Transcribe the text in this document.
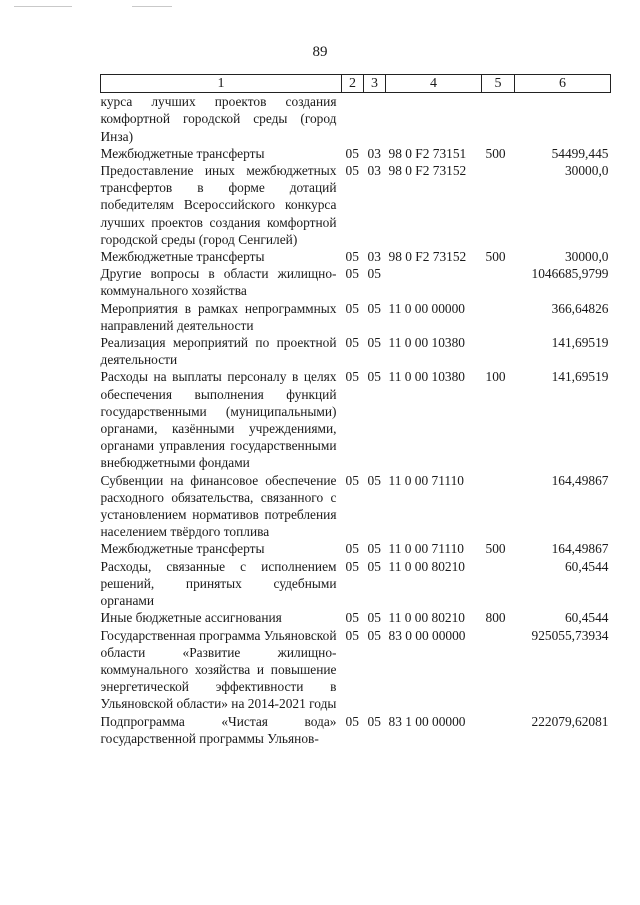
89
1	2	3	4	5	6
курса лучших проектов создания комфортной городской среды (город Инза)					
Межбюджетные трансферты	05	03	98 0 F2 73151	500	54499,445
Предоставление иных межбюджетных трансфертов в форме дотаций победителям Всероссийского конкурса лучших проектов создания комфортной городской среды (город Сенгилей)	05	03	98 0 F2 73152		30000,0
Межбюджетные трансферты	05	03	98 0 F2 73152	500	30000,0
Другие вопросы в области жилищно-коммунального хозяйства	05	05			1046685,9799
Мероприятия в рамках непрограммных направлений деятельности	05	05	11 0 00 00000		366,64826
Реализация мероприятий по проектной деятельности	05	05	11 0 00 10380		141,69519
Расходы на выплаты персоналу в целях обеспечения выполнения функций государственными (муниципальными) органами, казёнными учреждениями, органами управления государственными внебюджетными фондами	05	05	11 0 00 10380	100	141,69519
Субвенции на финансовое обеспечение расходного обязательства, связанного с установлением нормативов потребления населением твёрдого топлива	05	05	11 0 00 71110		164,49867
Межбюджетные трансферты	05	05	11 0 00 71110	500	164,49867
Расходы, связанные с исполнением решений, принятых судебными органами	05	05	11 0 00 80210		60,4544
Иные бюджетные ассигнования	05	05	11 0 00 80210	800	60,4544
Государственная программа Ульяновской области «Развитие жилищно-коммунального хозяйства и повышение энергетической эффективности в Ульяновской области» на 2014-2021 годы	05	05	83 0 00 00000		925055,73934
Подпрограмма «Чистая вода» государственной программы Ульянов-	05	05	83 1 00 00000		222079,62081
